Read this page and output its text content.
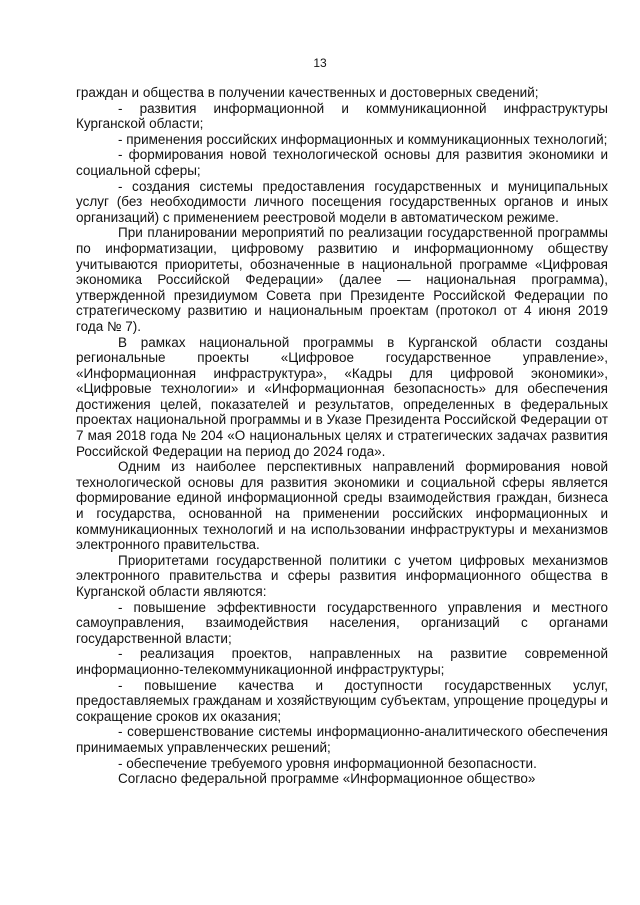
13

граждан и общества в получении качественных и достоверных сведений;

- развития информационной и коммуникационной инфраструктуры Курганской области;

- применения российских информационных и коммуникационных технологий;

- формирования новой технологической основы для развития экономики и социальной сферы;

- создания системы предоставления государственных и муниципальных услуг (без необходимости личного посещения государственных органов и иных организаций) с применением реестровой модели в автоматическом режиме.

При планировании мероприятий по реализации государственной программы по информатизации, цифровому развитию и информационному обществу учитываются приоритеты, обозначенные в национальной программе «Цифровая экономика Российской Федерации» (далее — национальная программа), утвержденной президиумом Совета при Президенте Российской Федерации по стратегическому развитию и национальным проектам (протокол от 4 июня 2019 года № 7).

В рамках национальной программы в Курганской области созданы региональные проекты «Цифровое государственное управление», «Информационная инфраструктура», «Кадры для цифровой экономики», «Цифровые технологии» и «Информационная безопасность» для обеспечения достижения целей, показателей и результатов, определенных в федеральных проектах национальной программы и в Указе Президента Российской Федерации от 7 мая 2018 года № 204 «О национальных целях и стратегических задачах развития Российской Федерации на период до 2024 года».

Одним из наиболее перспективных направлений формирования новой технологической основы для развития экономики и социальной сферы является формирование единой информационной среды взаимодействия граждан, бизнеса и государства, основанной на применении российских информационных и коммуникационных технологий и на использовании инфраструктуры и механизмов электронного правительства.

Приоритетами государственной политики с учетом цифровых механизмов электронного правительства и сферы развития информационного общества в Курганской области являются:

- повышение эффективности государственного управления и местного самоуправления, взаимодействия населения, организаций с органами государственной власти;

- реализация проектов, направленных на развитие современной информационно-телекоммуникационной инфраструктуры;

- повышение качества и доступности государственных услуг, предоставляемых гражданам и хозяйствующим субъектам, упрощение процедуры и сокращение сроков их оказания;

- совершенствование системы информационно-аналитического обеспечения принимаемых управленческих решений;

- обеспечение требуемого уровня информационной безопасности.

Согласно федеральной программе «Информационное общество»
